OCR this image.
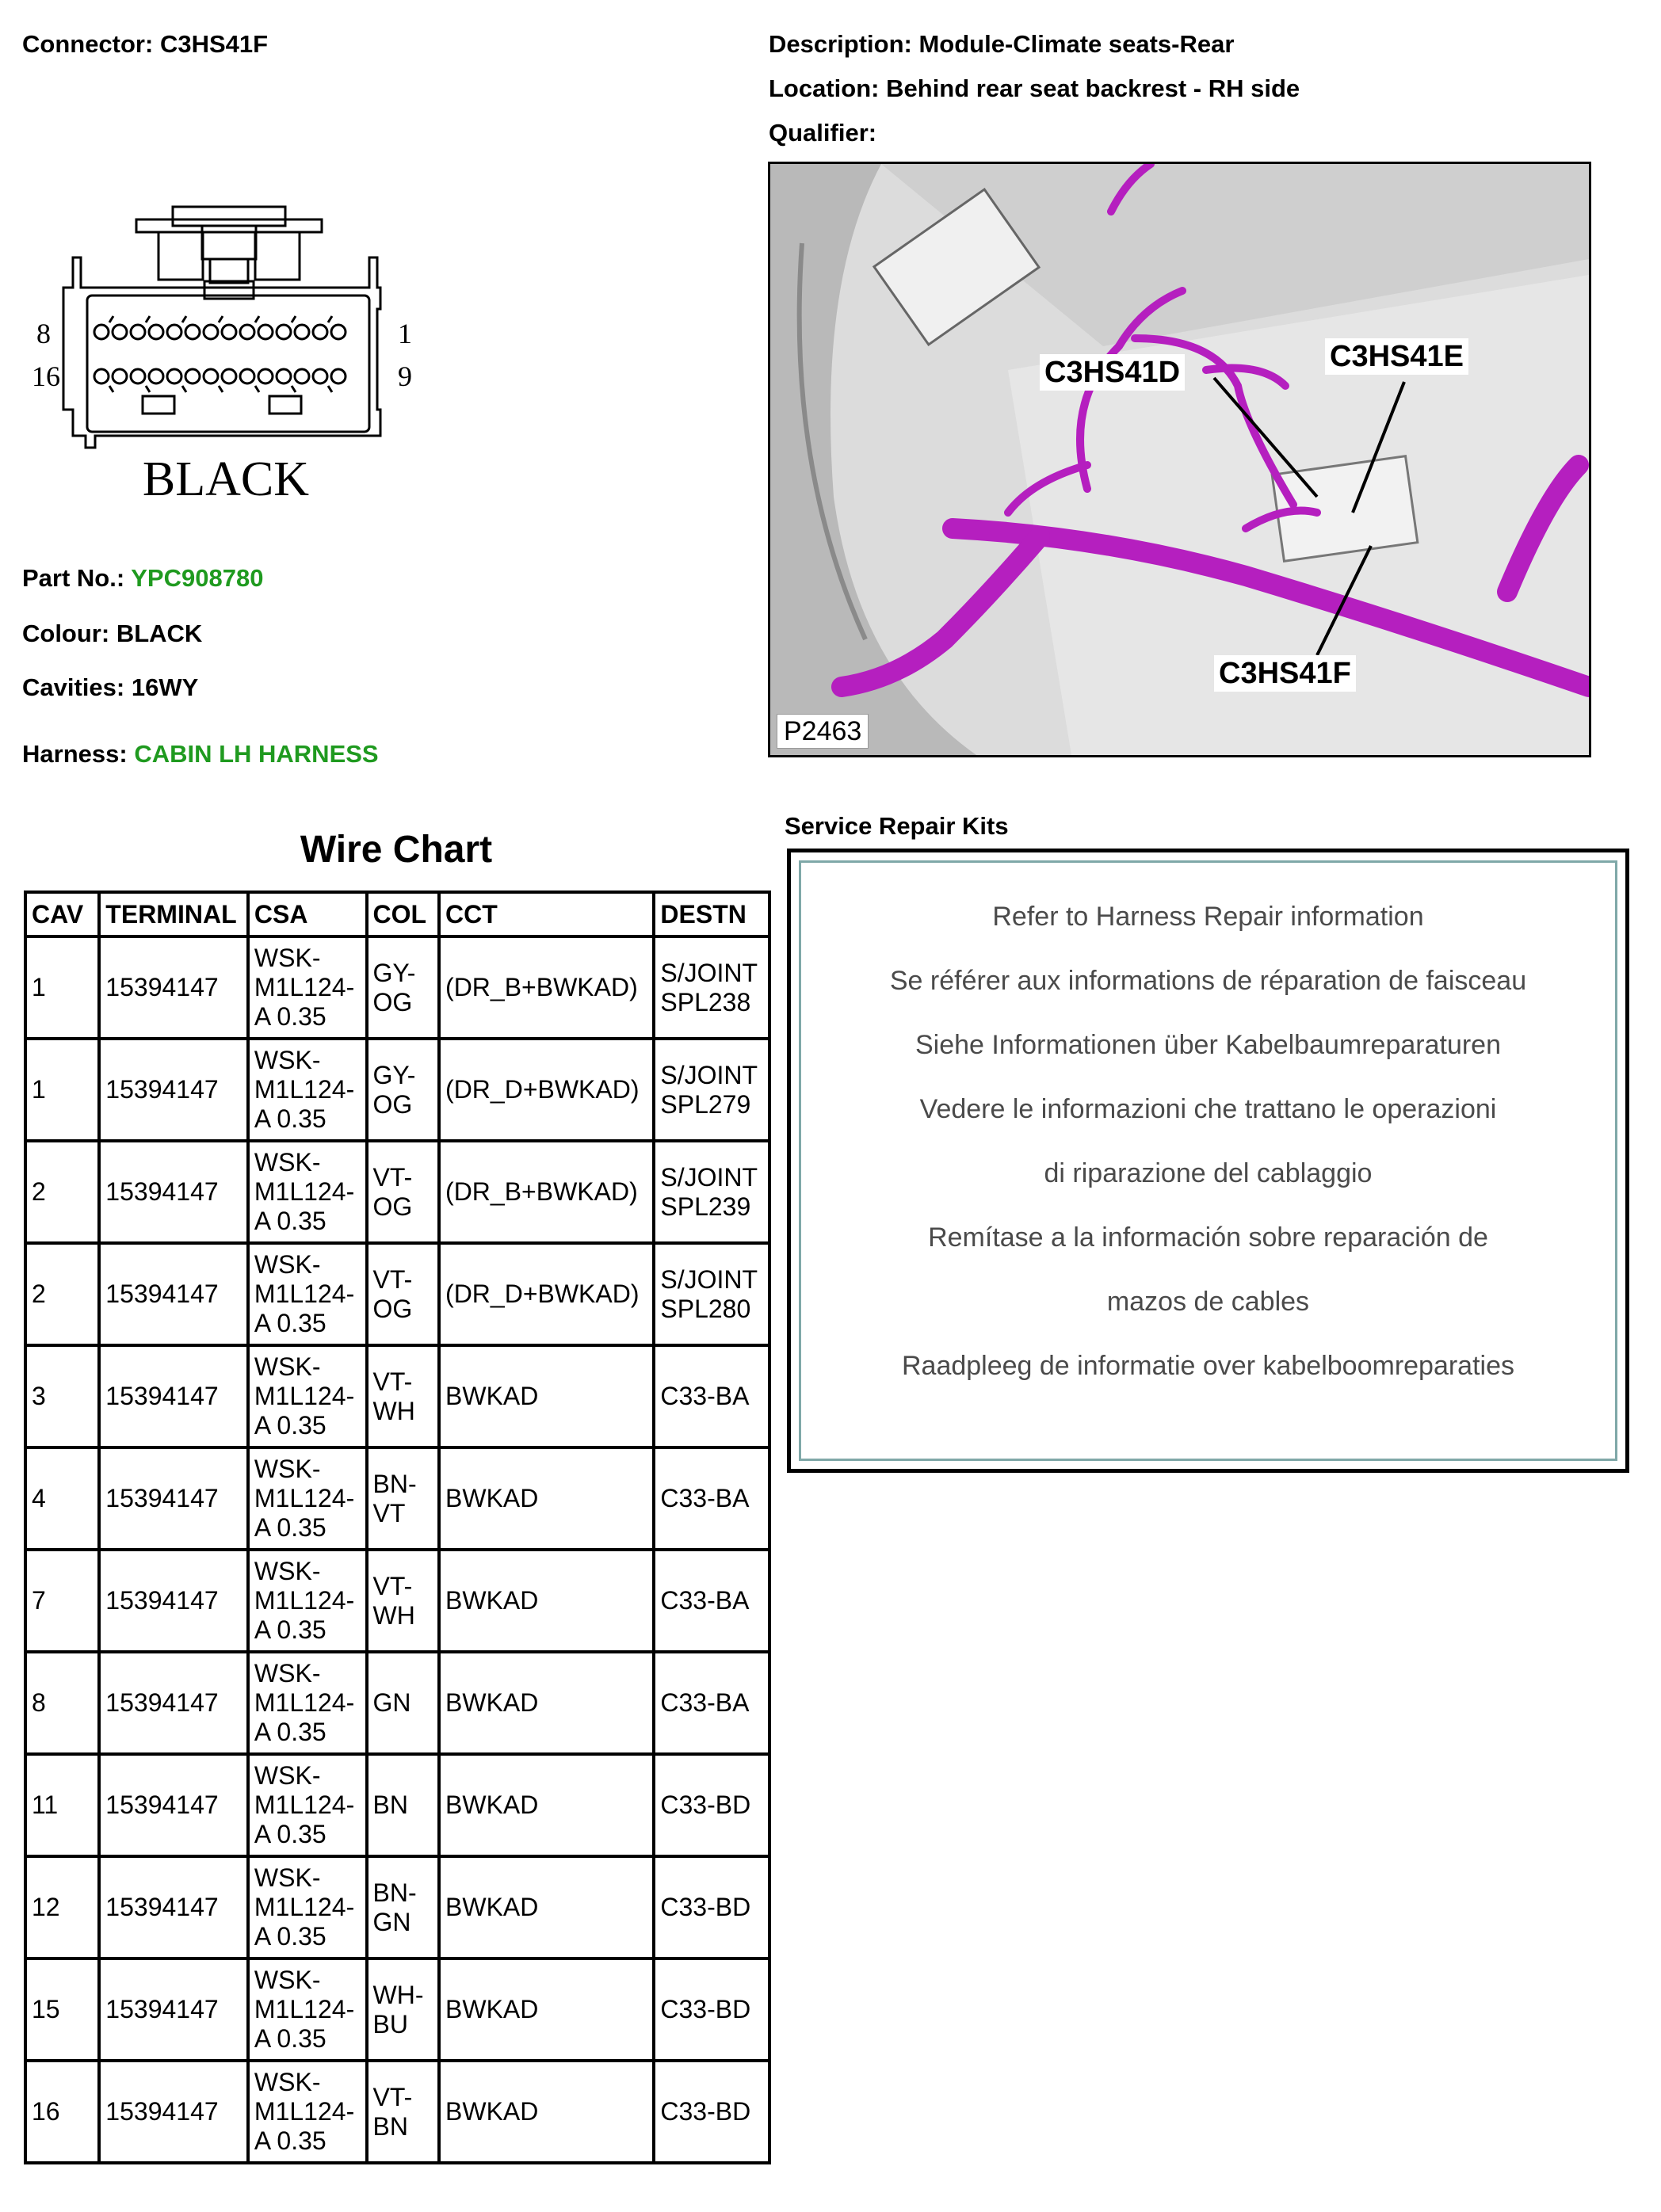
Connector: C3HS41F	Description: Module-Climate seats-Rear
Location: Behind rear seat backrest - RH side
Qualifier:
8
16
1
9
BLACK
C3HS41D	C3HS41E
C3HS41F
P2463
Part No.: YPC908780
Colour: BLACK
Cavities: 16WY
Harness: CABIN LH HARNESS
Wire Chart
CAV	TERMINAL	CSA	COL	CCT	DESTN
1	15394147	WSK-M1L124-A 0.35	GY-OG	(DR_B+BWKAD)	S/JOINT SPL238
1	15394147	WSK-M1L124-A 0.35	GY-OG	(DR_D+BWKAD)	S/JOINT SPL279
2	15394147	WSK-M1L124-A 0.35	VT-OG	(DR_B+BWKAD)	S/JOINT SPL239
2	15394147	WSK-M1L124-A 0.35	VT-OG	(DR_D+BWKAD)	S/JOINT SPL280
3	15394147	WSK-M1L124-A 0.35	VT-WH	BWKAD	C33-BA
4	15394147	WSK-M1L124-A 0.35	BN-VT	BWKAD	C33-BA
7	15394147	WSK-M1L124-A 0.35	VT-WH	BWKAD	C33-BA
8	15394147	WSK-M1L124-A 0.35	GN	BWKAD	C33-BA
11	15394147	WSK-M1L124-A 0.35	BN	BWKAD	C33-BD
12	15394147	WSK-M1L124-A 0.35	BN-GN	BWKAD	C33-BD
15	15394147	WSK-M1L124-A 0.35	WH-BU	BWKAD	C33-BD
16	15394147	WSK-M1L124-A 0.35	VT-BN	BWKAD	C33-BD
Service Repair Kits
Refer to Harness Repair information
Se référer aux informations de réparation de faisceau
Siehe Informationen über Kabelbaumreparaturen
Vedere le informazioni che trattano le operazioni
di riparazione del cablaggio
Remítase a la información sobre reparación de
mazos de cables
Raadpleeg de informatie over kabelboomreparaties
